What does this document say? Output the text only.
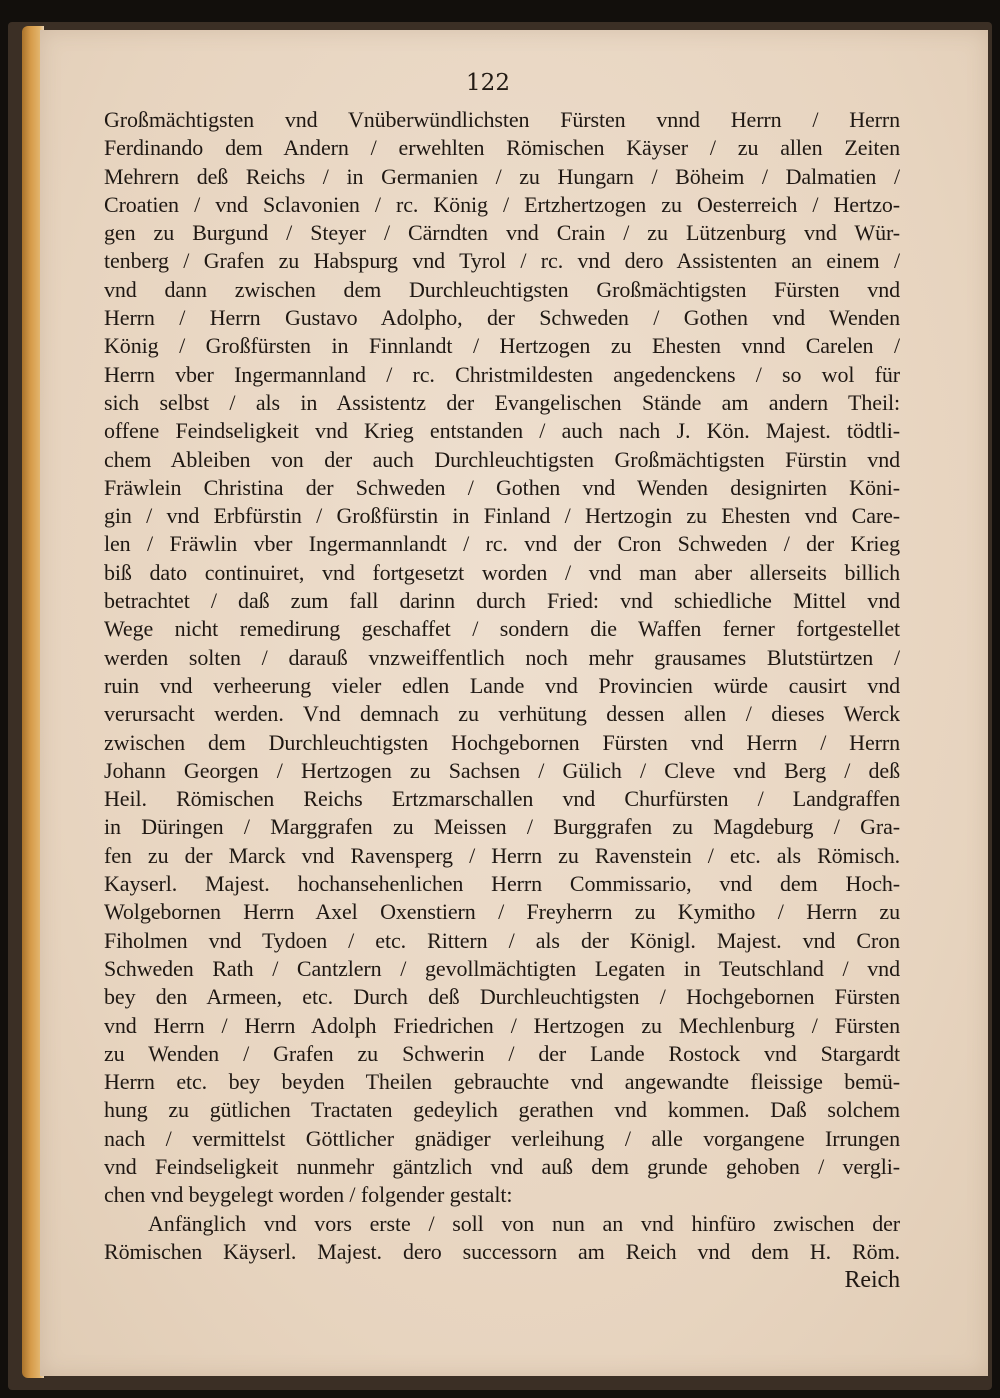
122
Großmächtigsten vnd Vnüberwündlichsten Fürsten vnnd Herrn / Herrn
Ferdinando dem Andern / erwehlten Römischen Käyser / zu allen Zeiten
Mehrern deß Reichs / in Germanien / zu Hungarn / Böheim / Dalmatien /
Croatien / vnd Sclavonien / rc. König / Ertzhertzogen zu Oesterreich / Hertzo-
gen zu Burgund / Steyer / Cärndten vnd Crain / zu Lützenburg vnd Wür-
tenberg / Grafen zu Habspurg vnd Tyrol / rc. vnd dero Assistenten an einem /
vnd dann zwischen dem Durchleuchtigsten Großmächtigsten Fürsten vnd
Herrn / Herrn Gustavo Adolpho, der Schweden / Gothen vnd Wenden
König / Großfürsten in Finnlandt / Hertzogen zu Ehesten vnnd Carelen /
Herrn vber Ingermannland / rc. Christmildesten angedenckens / so wol für
sich selbst / als in Assistentz der Evangelischen Stände am andern Theil:
offene Feindseligkeit vnd Krieg entstanden / auch nach J. Kön. Majest. tödtli-
chem Ableiben von der auch Durchleuchtigsten Großmächtigsten Fürstin vnd
Fräwlein Christina der Schweden / Gothen vnd Wenden designirten Köni-
gin / vnd Erbfürstin / Großfürstin in Finland / Hertzogin zu Ehesten vnd Care-
len / Fräwlin vber Ingermannlandt / rc. vnd der Cron Schweden / der Krieg
biß dato continuiret, vnd fortgesetzt worden / vnd man aber allerseits billich
betrachtet / daß zum fall darinn durch Fried: vnd schiedliche Mittel vnd
Wege nicht remedirung geschaffet / sondern die Waffen ferner fortgestellet
werden solten / darauß vnzweiffentlich noch mehr grausames Blutstürtzen /
ruin vnd verheerung vieler edlen Lande vnd Provincien würde causirt vnd
verursacht werden. Vnd demnach zu verhütung dessen allen / dieses Werck
zwischen dem Durchleuchtigsten Hochgebornen Fürsten vnd Herrn / Herrn
Johann Georgen / Hertzogen zu Sachsen / Gülich / Cleve vnd Berg / deß
Heil. Römischen Reichs Ertzmarschallen vnd Churfürsten / Landgraffen
in Düringen / Marggrafen zu Meissen / Burggrafen zu Magdeburg / Gra-
fen zu der Marck vnd Ravensperg / Herrn zu Ravenstein / etc. als Römisch.
Kayserl. Majest. hochansehenlichen Herrn Commissario, vnd dem Hoch-
Wolgebornen Herrn Axel Oxenstiern / Freyherrn zu Kymitho / Herrn zu
Fiholmen vnd Tydoen / etc. Rittern / als der Königl. Majest. vnd Cron
Schweden Rath / Cantzlern / gevollmächtigten Legaten in Teutschland / vnd
bey den Armeen, etc. Durch deß Durchleuchtigsten / Hochgebornen Fürsten
vnd Herrn / Herrn Adolph Friedrichen / Hertzogen zu Mechlenburg / Fürsten
zu Wenden / Grafen zu Schwerin / der Lande Rostock vnd Stargardt
Herrn etc. bey beyden Theilen gebrauchte vnd angewandte fleissige bemü-
hung zu gütlichen Tractaten gedeylich gerathen vnd kommen. Daß solchem
nach / vermittelst Göttlicher gnädiger verleihung / alle vorgangene Irrungen
vnd Feindseligkeit nunmehr gäntzlich vnd auß dem grunde gehoben / vergli-
chen vnd beygelegt worden / folgender gestalt:
Anfänglich vnd vors erste / soll von nun an vnd hinfüro zwischen der
Römischen Käyserl. Majest. dero successorn am Reich vnd dem H. Röm.
Reich
